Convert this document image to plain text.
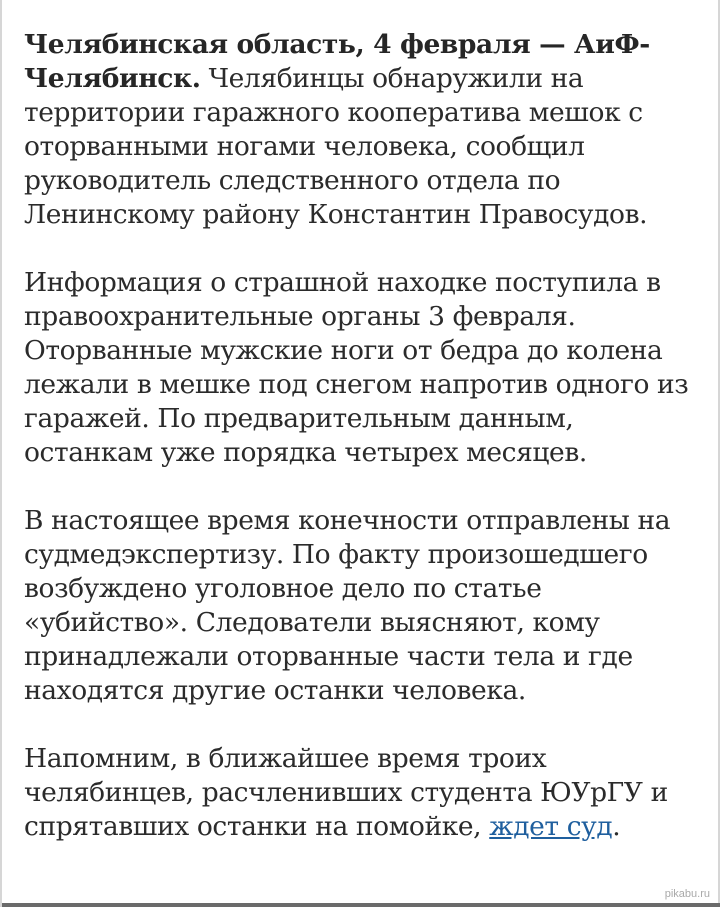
Челябинская область, 4 февраля — АиФ-Челябинск. Челябинцы обнаружили на территории гаражного кооператива мешок с оторванными ногами человека, сообщил руководитель следственного отдела по Ленинскому району Константин Правосудов.

Информация о страшной находке поступила в правоохранительные органы 3 февраля. Оторванные мужские ноги от бедра до колена лежали в мешке под снегом напротив одного из гаражей. По предварительным данным, останкам уже порядка четырех месяцев.

В настоящее время конечности отправлены на судмедэкспертизу. По факту произошедшего возбуждено уголовное дело по статье «убийство». Следователи выясняют, кому принадлежали оторванные части тела и где находятся другие останки человека.

Напомним, в ближайшее время троих челябинцев, расчленивших студента ЮУрГУ и спрятавших останки на помойке, ждет суд.

pikabu.ru
